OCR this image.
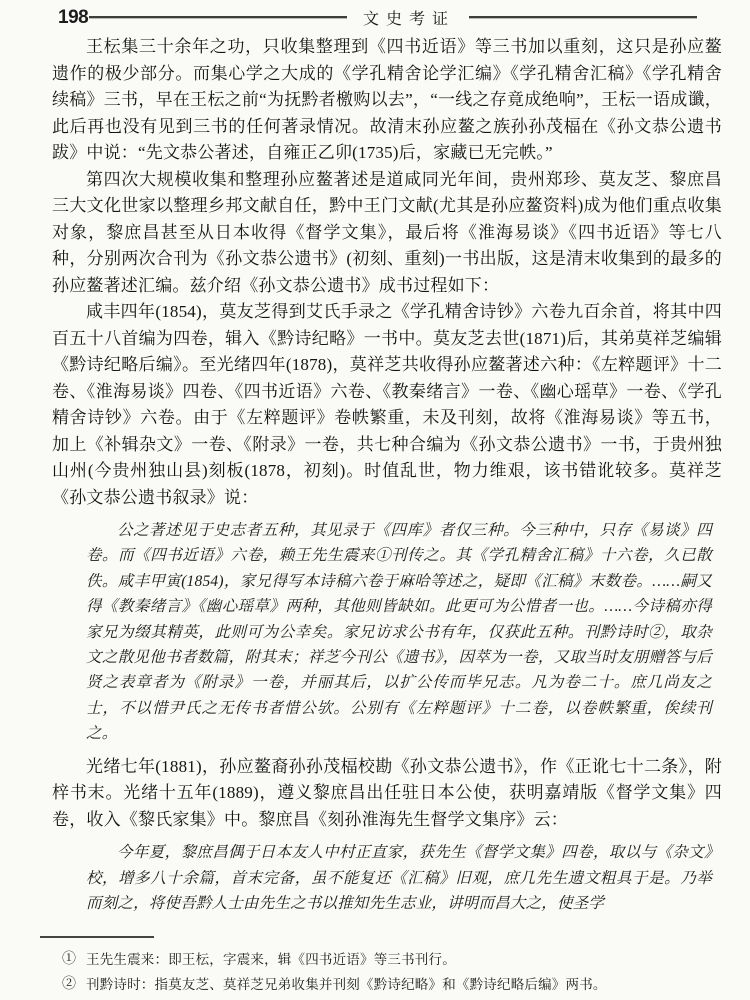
198	文史考证

王枟集三十余年之功，只收集整理到《四书近语》等三书加以重刻，这只是孙应鳌遗作的极少部分。而集心学之大成的《学孔精舍论学汇编》《学孔精舍汇稿》《学孔精舍续稿》三书，早在王枟之前“为抚黔者檄购以去”，“一线之存竟成绝响”，王枟一语成谶，此后再也没有见到三书的任何著录情况。故清末孙应鳌之族孙孙茂楅在《孙文恭公遗书跋》中说：“先文恭公著述，自雍正乙卯(1735)后，家藏已无完帙。”

第四次大规模收集和整理孙应鳌著述是道咸同光年间，贵州郑珍、莫友芝、黎庶昌三大文化世家以整理乡邦文献自任，黔中王门文献(尤其是孙应鳌资料)成为他们重点收集对象，黎庶昌甚至从日本收得《督学文集》，最后将《淮海易谈》《四书近语》等七八种，分别两次合刊为《孙文恭公遗书》(初刻、重刻)一书出版，这是清末收集到的最多的孙应鳌著述汇编。兹介绍《孙文恭公遗书》成书过程如下：

咸丰四年(1854)，莫友芝得到艾氏手录之《学孔精舍诗钞》六卷九百余首，将其中四百五十八首编为四卷，辑入《黔诗纪略》一书中。莫友芝去世(1871)后，其弟莫祥芝编辑《黔诗纪略后编》。至光绪四年(1878)，莫祥芝共收得孙应鳌著述六种：《左粹题评》十二卷、《淮海易谈》四卷、《四书近语》六卷、《教秦绪言》一卷、《幽心瑶草》一卷、《学孔精舍诗钞》六卷。由于《左粹题评》卷帙繁重，未及刊刻，故将《淮海易谈》等五书，加上《补辑杂文》一卷、《附录》一卷，共七种合编为《孙文恭公遗书》一书，于贵州独山州(今贵州独山县)刻板(1878，初刻)。时值乱世，物力维艰，该书错讹较多。莫祥芝《孙文恭公遗书叙录》说：

公之著述见于史志者五种，其见录于《四库》者仅三种。今三种中，只存《易谈》四卷。而《四书近语》六卷，赖王先生震来①刊传之。其《学孔精舍汇稿》十六卷，久已散佚。咸丰甲寅(1854)，家兄得写本诗稿六卷于麻哈等述之，疑即《汇稿》末数卷。……嗣又得《教秦绪言》《幽心瑶草》两种，其他则皆缺如。此更可为公惜者一也。……今诗稿亦得家兄为缀其精英，此则可为公幸矣。家兄访求公书有年，仅获此五种。刊黔诗时②，取杂文之散见他书者数篇，附其末；祥芝今刊公《遗书》，因萃为一卷，又取当时友朋赠答与后贤之表章者为《附录》一卷，并丽其后，以扩公传而毕兄志。凡为卷二十。庶几尚友之士，不以惜尹氏之无传书者惜公欤。公别有《左粹题评》十二卷，以卷帙繁重，俟续刊之。

光绪七年(1881)，孙应鳌裔孙孙茂楅校勘《孙文恭公遗书》，作《正讹七十二条》，附梓书末。光绪十五年(1889)，遵义黎庶昌出任驻日本公使，获明嘉靖版《督学文集》四卷，收入《黎氏家集》中。黎庶昌《刻孙淮海先生督学文集序》云：

今年夏，黎庶昌偶于日本友人中村正直家，获先生《督学文集》四卷，取以与《杂文》校，增多八十余篇，首末完备，虽不能复还《汇稿》旧观，庶几先生遗文粗具于是。乃举而刻之，将使吾黔人士由先生之书以推知先生志业，讲明而昌大之，使圣学

① 王先生震来：即王枟，字震来，辑《四书近语》等三书刊行。
② 刊黔诗时：指莫友芝、莫祥芝兄弟收集并刊刻《黔诗纪略》和《黔诗纪略后编》两书。
